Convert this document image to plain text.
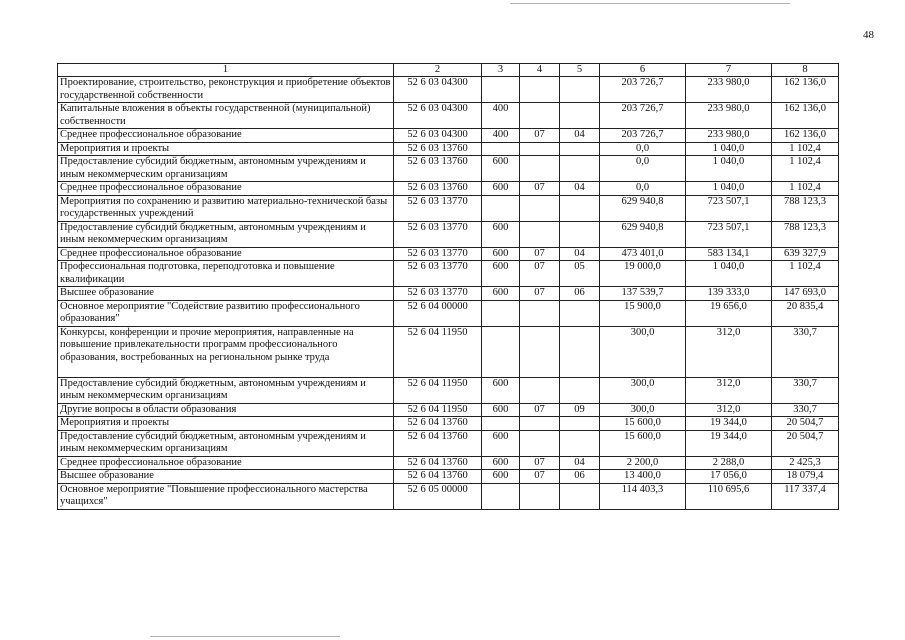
48
1	2	3	4	5	6	7	8
Проектирование, строительство, реконструкция и приобретение объектов государственной собственности	52 6 03 04300				203 726,7	233 980,0	162 136,0
Капитальные вложения в объекты государственной (муниципальной) собственности	52 6 03 04300	400			203 726,7	233 980,0	162 136,0
Среднее профессиональное образование	52 6 03 04300	400	07	04	203 726,7	233 980,0	162 136,0
Мероприятия и проекты	52 6 03 13760				0,0	1 040,0	1 102,4
Предоставление субсидий бюджетным, автономным учреждениям и иным некоммерческим организациям	52 6 03 13760	600			0,0	1 040,0	1 102,4
Среднее профессиональное образование	52 6 03 13760	600	07	04	0,0	1 040,0	1 102,4
Мероприятия по сохранению и развитию материально-технической базы государственных учреждений	52 6 03 13770				629 940,8	723 507,1	788 123,3
Предоставление субсидий бюджетным, автономным учреждениям и иным некоммерческим организациям	52 6 03 13770	600			629 940,8	723 507,1	788 123,3
Среднее профессиональное образование	52 6 03 13770	600	07	04	473 401,0	583 134,1	639 327,9
Профессиональная подготовка, переподготовка и повышение квалификации	52 6 03 13770	600	07	05	19 000,0	1 040,0	1 102,4
Высшее образование	52 6 03 13770	600	07	06	137 539,7	139 333,0	147 693,0
Основное мероприятие "Содействие развитию профессионального образования"	52 6 04 00000				15 900,0	19 656,0	20 835,4
Конкурсы, конференции и прочие мероприятия, направленные на повышение привлекательности программ профессионального образования, востребованных на региональном рынке труда	52 6 04 11950				300,0	312,0	330,7
Предоставление субсидий бюджетным, автономным учреждениям и иным некоммерческим организациям	52 6 04 11950	600			300,0	312,0	330,7
Другие вопросы в области образования	52 6 04 11950	600	07	09	300,0	312,0	330,7
Мероприятия и проекты	52 6 04 13760				15 600,0	19 344,0	20 504,7
Предоставление субсидий бюджетным, автономным учреждениям и иным некоммерческим организациям	52 6 04 13760	600			15 600,0	19 344,0	20 504,7
Среднее профессиональное образование	52 6 04 13760	600	07	04	2 200,0	2 288,0	2 425,3
Высшее образование	52 6 04 13760	600	07	06	13 400,0	17 056,0	18 079,4
Основное мероприятие "Повышение профессионального мастерства учащихся"	52 6 05 00000				114 403,3	110 695,6	117 337,4
